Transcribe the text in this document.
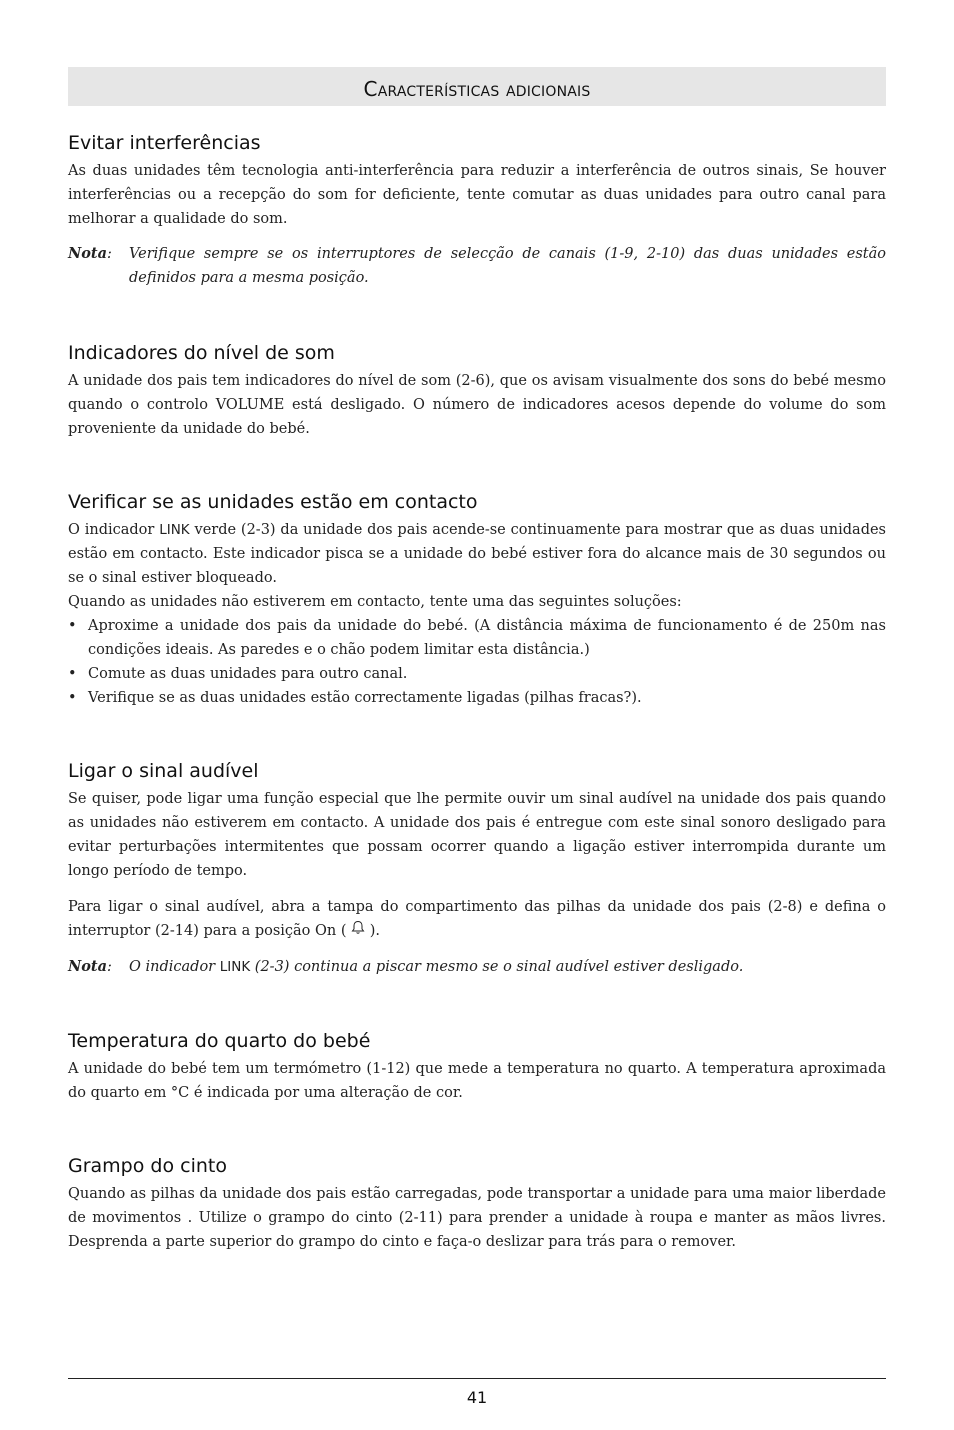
Características adicionais
Evitar interferências

As duas unidades têm tecnologia anti-interferência para reduzir a interferência de outros sinais, Se houver interferências ou a recepção do som for deficiente, tente comutar as duas unidades para outro canal para melhorar a qualidade do som.

Nota:	Verifique sempre se os interruptores de selecção de canais (1-9, 2-10) das duas unidades estão definidos para a mesma posição.
Indicadores do nível de som

A unidade dos pais tem indicadores do nível de som (2-6), que os avisam visualmente dos sons do bebé mesmo quando o controlo VOLUME está desligado. O número de indicadores acesos depende do volume do som proveniente da unidade do bebé.

Verificar se as unidades estão em contacto

O indicador LINK verde (2-3) da unidade dos pais acende-se continuamente para mostrar que as duas unidades estão em contacto. Este indicador pisca se a unidade do bebé estiver fora do alcance mais de 30 segundos ou se o sinal estiver bloqueado.

Quando as unidades não estiverem em contacto, tente uma das seguintes soluções:

• Aproxime a unidade dos pais da unidade do bebé. (A distância máxima de funcionamento é de 250m nas condições ideais. As paredes e o chão podem limitar esta distância.)
• Comute as duas unidades para outro canal.
• Verifique se as duas unidades estão correctamente ligadas (pilhas fracas?).
Ligar o sinal audível

Se quiser, pode ligar uma função especial que lhe permite ouvir um sinal audível na unidade dos pais quando as unidades não estiverem em contacto. A unidade dos pais é entregue com este sinal sonoro desligado para evitar perturbações intermitentes que possam ocorrer quando a ligação estiver interrompida durante um longo período de tempo.

Para ligar o sinal audível, abra a tampa do compartimento das pilhas da unidade dos pais (2-8) e defina o interruptor (2-14) para a posição On (  ).

Nota:	O indicador LINK (2-3) continua a piscar mesmo se o sinal audível estiver desligado.
Temperatura do quarto do bebé

A unidade do bebé tem um termómetro (1-12) que mede a temperatura no quarto. A temperatura aproximada do quarto em °C é indicada por uma alteração de cor.

Grampo do cinto

Quando as pilhas da unidade dos pais estão carregadas, pode transportar a unidade para uma maior liberdade de movimentos . Utilize o grampo do cinto (2-11) para prender a unidade à roupa e manter as mãos livres. Desprenda a parte superior do grampo do cinto e faça-o deslizar para trás para o remover.

41
